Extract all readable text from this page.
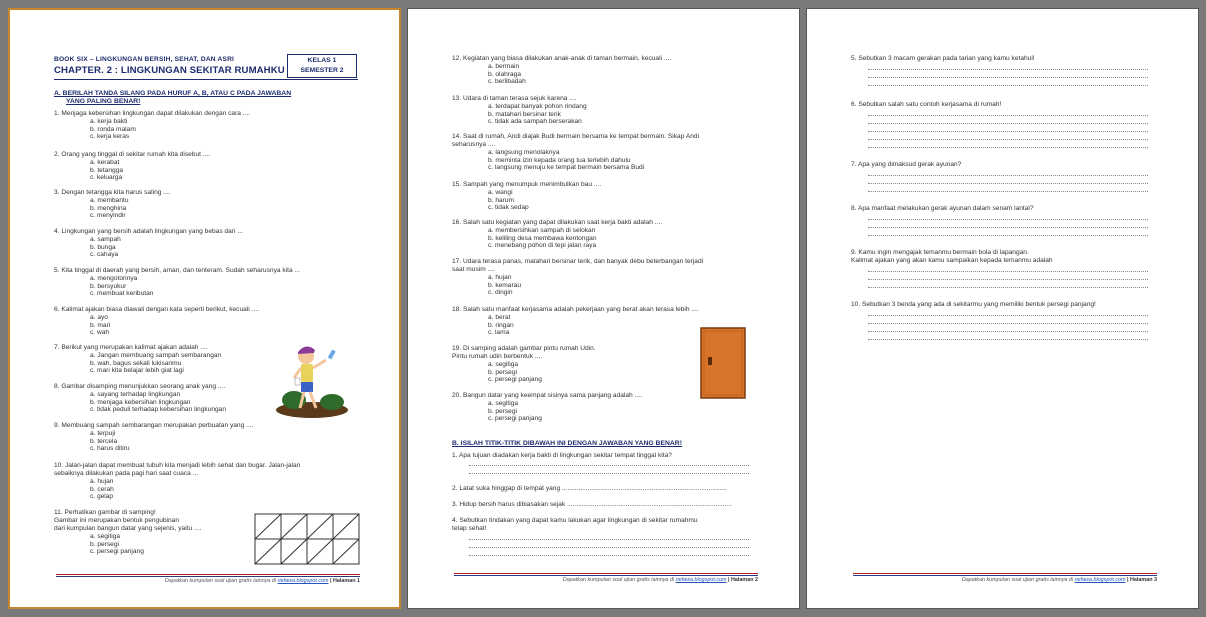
BOOK SIX – LINGKUNGAN BERSIH, SEHAT, DAN ASRI
CHAPTER. 2 : LINGKUNGAN SEKITAR RUMAHKU
KELAS 1
SEMESTER 2
A. BERILAH TANDA SILANG PADA HURUF A, B, ATAU C PADA JAWABAN
YANG PALING BENAR!
1. Menjaga kebersihan lingkungan dapat dilakukan dengan cara ....
a. kerja bakti
b. ronda malam
c. kerja keras
2. Orang yang tinggal di sekitar rumah kita disebut ....
a. kerabat
b. tetangga
c. keluarga
3. Dengan tetangga kita harus saling ....
a. membantu
b. menghina
c. menyindir
4. Lingkungan yang bersih adalah lingkungan yang bebas dari ...
a. sampah
b. bunga
c. cahaya
5. Kita tinggal di daerah yang bersih, aman, dan tenteram. Sudah seharusnya kita ...
a. mengotorinya
b. bersyukur
c. membuat keributan
6. Kalimat ajakan biasa diawali dengan kata seperti berikut, kecuali ....
a. ayo
b. mari
c. wah
7. Berikut yang merupakan kalimat ajakan adalah ....
a. Jangan membuang sampah sembarangan
b. wah, bagus sekali lukisanmu
c. mari kita belajar lebih giat lagi
8. Gambar disamping menunjukkan seorang anak yang ....
a. sayang terhadap lingkungan
b. menjaga kebersihan lingkungan
c. tidak peduli terhadap kebersihan lingkungan
9. Membuang sampah sembarangan merupakan perbuatan yang ....
a. terpuji
b. tercela
c. harus ditiru
10. Jalan-jalan dapat membuat tubuh kita menjadi lebih sehat dan bugar. Jalan-jalan
sebaiknya dilakukan pada pagi hari saat cuaca ...
a. hujan
b. cerah
c. gelap
11. Perhatikan gambar di samping!
Gambar ini merupakan bentuk pengubinan
dari kumpulan bangun datar yang sejenis, yaitu ....
a. segitiga
b. persegi
c. persegi panjang
Dapatkan kumpulan soal ujian gratis lainnya di riefawa.blogspot.com | Halaman 1
12. Kegiatan yang biasa dilakukan anak-anak di taman bermain, kecuali ....
a. bermain
b. olahraga
c. berlibadah
13. Udara di taman terasa sejuk karena ....
a. terdapat banyak pohon rindang
b. matahari bersinar terik
c. tidak ada sampah berserakan
14. Saat di rumah, Andi diajak Budi bermain bersama ke tempat bermain. Sikap Andi
seharusnya ....
a. langsung menolaknya
b. meminta izin kepada orang tua terlebih dahulu
c. langsung menuju ke tempat bermain bersama Budi
15. Sampah yang menumpuk menimbulkan bau ....
a. wangi
b. harum
c. tidak sedap
16. Salah satu kegiatan yang dapat dilakukan saat kerja bakti adalah ....
a. membersihkan sampah di selokan
b. keliling desa membawa kentongan
c. menebang pohon di tepi jalan raya
17. Udara terasa panas, matahari bersinar terik, dan banyak debu beterbangan terjadi
saat musim ....
a. hujan
b. kemarau
c. dingin
18. Salah satu manfaat kerjasama adalah pekerjaan yang berat akan terasa lebih ....
a. berat
b. ringan
c. lama
19. Di samping adalah gambar pintu rumah Udin.
Pintu rumah udin berbentuk ....
a. segitiga
b. persegi
c. persegi panjang
20. Bangun datar yang keempat sisinya sama panjang adalah ....
a. segitiga
b. persegi
c. persegi panjang
B. ISILAH TITIK-TITIK DIBAWAH INI DENGAN JAWABAN YANG BENAR!
1. Apa tujuan diadakan kerja bakti di lingkungan sekitar tempat tinggal kita?
2. Latat suka hinggap di tempat yang ..........................................................................................
3. Hidup bersih harus dibiasakan sejak ..........................................................................................
4. Sebutkan tindakan yang dapat kamu lakukan agar lingkungan di sekitar rumahmu
tetap sehat!
Dapatkan kumpulan soal ujian gratis lainnya di riefawa.blogspot.com | Halaman 2
5. Sebutkan 3 macam gerakan pada tarian yang kamu ketahui!
6. Sebutkan salah satu contoh kerjasama di rumah!
7. Apa yang dimaksud gerak ayunan?
8. Apa manfaat melakukan gerak ayunan dalam senam lantai?
9. Kamu ingin mengajak temanmu bermain bola di lapangan.
Kalimat ajakan yang akan kamu sampaikan kepada temanmu adalah
10. Sebutkan 3 benda yang ada di sekitarmu yang memiliki bentuk persegi panjang!
Dapatkan kumpulan soal ujian gratis lainnya di riefawa.blogspot.com | Halaman 3
